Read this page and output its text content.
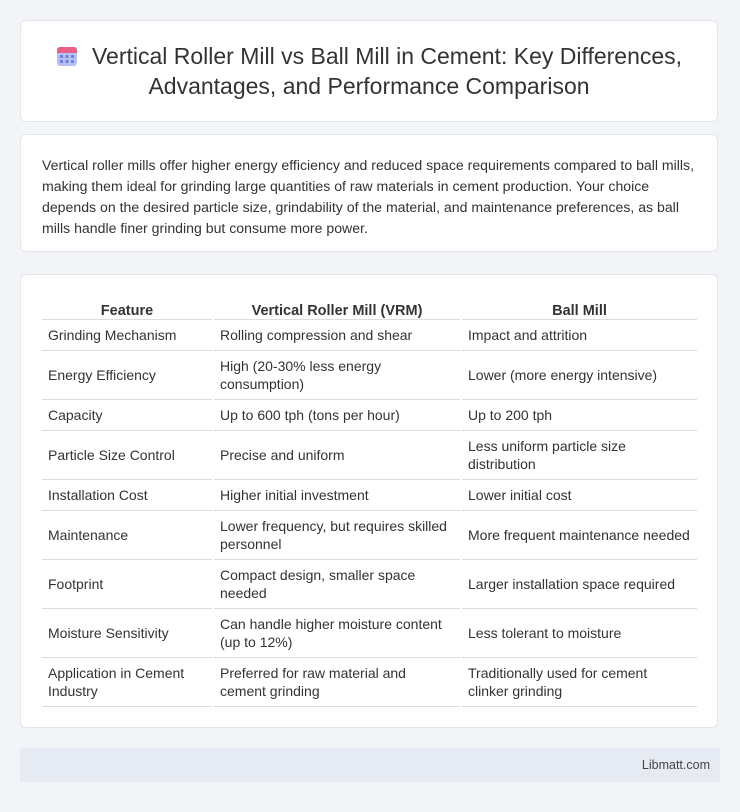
Vertical Roller Mill vs Ball Mill in Cement: Key Differences, Advantages, and Performance Comparison

Vertical roller mills offer higher energy efficiency and reduced space requirements compared to ball mills, making them ideal for grinding large quantities of raw materials in cement production. Your choice depends on the desired particle size, grindability of the material, and maintenance preferences, as ball mills handle finer grinding but consume more power.

Feature	Vertical Roller Mill (VRM)	Ball Mill
Grinding Mechanism	Rolling compression and shear	Impact and attrition
Energy Efficiency	High (20-30% less energy consumption)	Lower (more energy intensive)
Capacity	Up to 600 tph (tons per hour)	Up to 200 tph
Particle Size Control	Precise and uniform	Less uniform particle size distribution
Installation Cost	Higher initial investment	Lower initial cost
Maintenance	Lower frequency, but requires skilled personnel	More frequent maintenance needed
Footprint	Compact design, smaller space needed	Larger installation space required
Moisture Sensitivity	Can handle higher moisture content (up to 12%)	Less tolerant to moisture
Application in Cement Industry	Preferred for raw material and cement grinding	Traditionally used for cement clinker grinding
Libmatt.com
